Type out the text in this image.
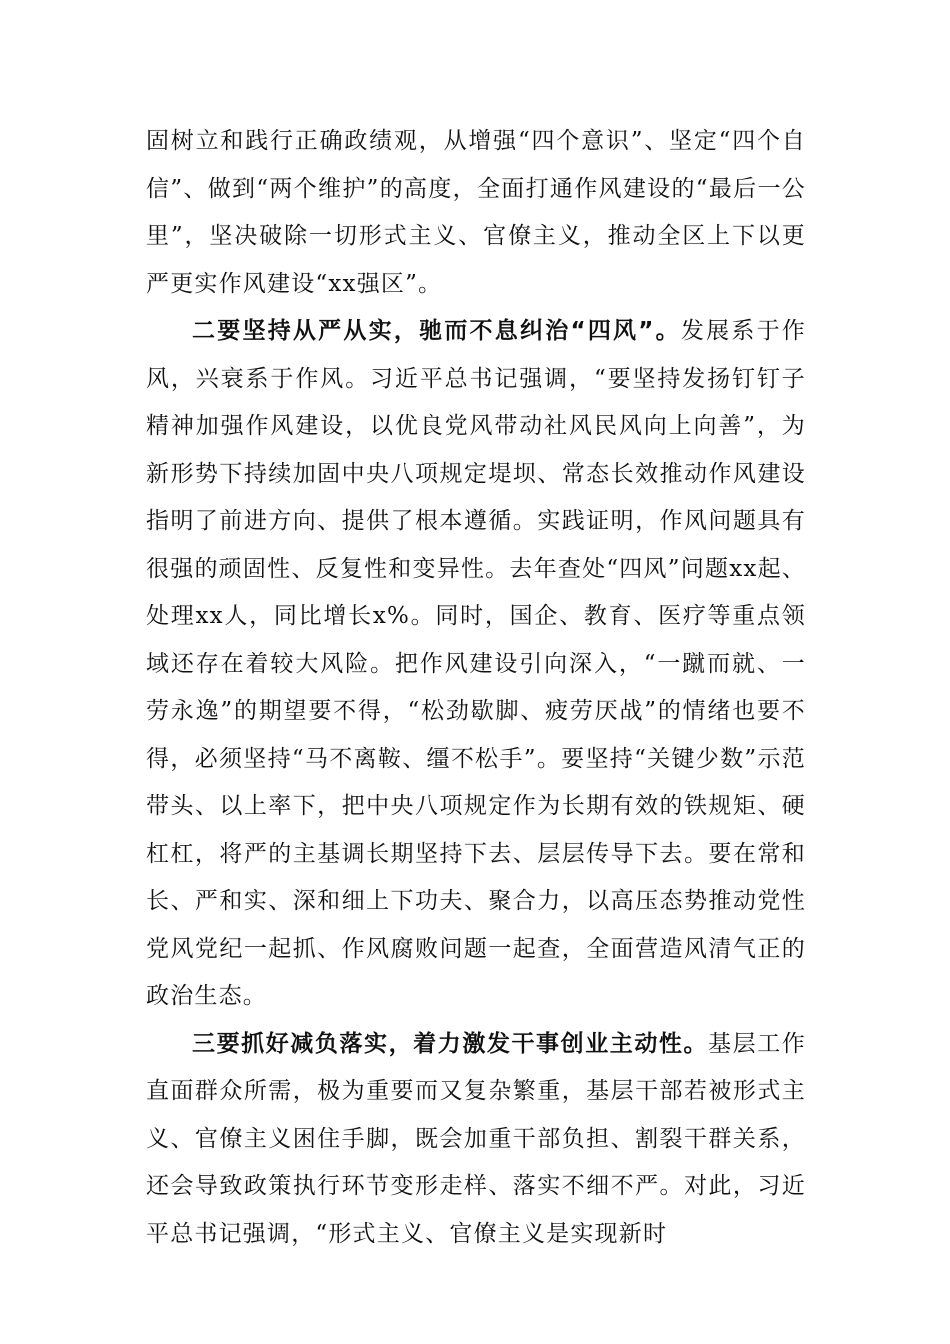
固树立和践行正确政绩观，从增强“四个意识”、坚定“四个自信”、做到“两个维护”的高度，全面打通作风建设的“最后一公里”，坚决破除一切形式主义、官僚主义，推动全区上下以更严更实作风建设“xx强区”。

二要坚持从严从实，驰而不息纠治“四风”。发展系于作风，兴衰系于作风。习近平总书记强调，“要坚持发扬钉钉子精神加强作风建设，以优良党风带动社风民风向上向善”，为新形势下持续加固中央八项规定堤坝、常态长效推动作风建设指明了前进方向、提供了根本遵循。实践证明，作风问题具有很强的顽固性、反复性和变异性。去年查处“四风”问题xx起、处理xx人，同比增长x%。同时，国企、教育、医疗等重点领域还存在着较大风险。把作风建设引向深入，“一蹴而就、一劳永逸”的期望要不得，“松劲歇脚、疲劳厌战”的情绪也要不得，必须坚持“马不离鞍、缰不松手”。要坚持“关键少数”示范带头、以上率下，把中央八项规定作为长期有效的铁规矩、硬杠杠，将严的主基调长期坚持下去、层层传导下去。要在常和长、严和实、深和细上下功夫、聚合力，以高压态势推动党性党风党纪一起抓、作风腐败问题一起查，全面营造风清气正的政治生态。

三要抓好减负落实，着力激发干事创业主动性。基层工作直面群众所需，极为重要而又复杂繁重，基层干部若被形式主义、官僚主义困住手脚，既会加重干部负担、割裂干群关系，还会导致政策执行环节变形走样、落实不细不严。对此，习近平总书记强调，“形式主义、官僚主义是实现新时
